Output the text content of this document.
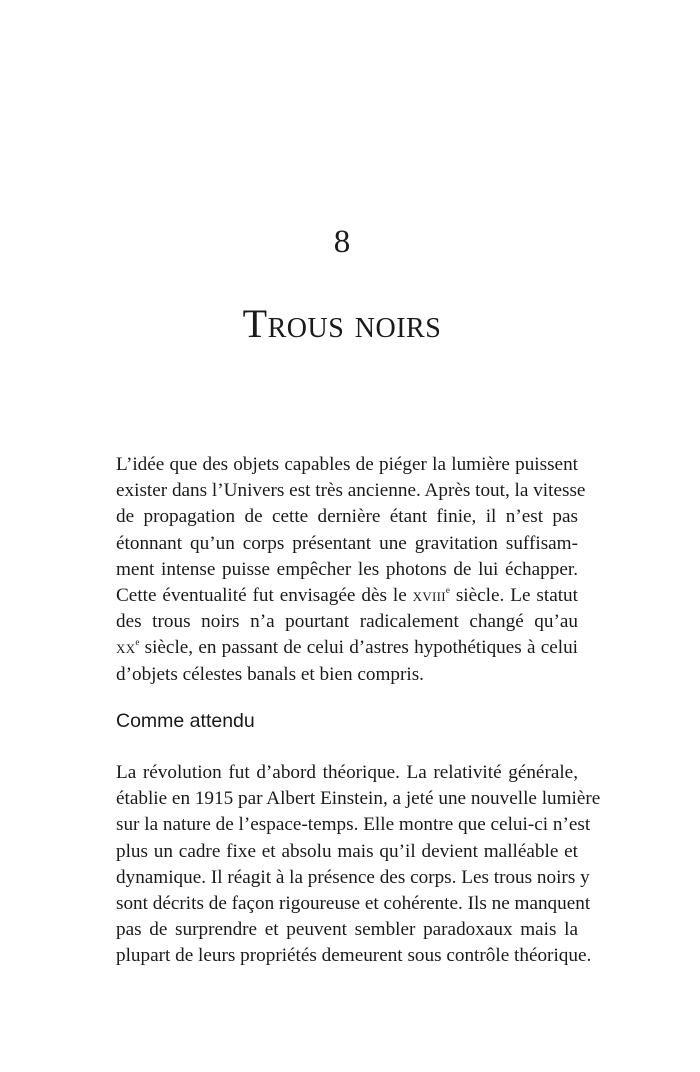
8
Trous noirs

L’idée que des objets capables de piéger la lumière puissent
exister dans l’Univers est très ancienne. Après tout, la vitesse
de propagation de cette dernière étant finie, il n’est pas
étonnant qu’un corps présentant une gravitation suffisam-
ment intense puisse empêcher les photons de lui échapper.
Cette éventualité fut envisagée dès le xviii$^e$ siècle. Le statut
des trous noirs n’a pourtant radicalement changé qu’au
$xx^e$ siècle, en passant de celui d’astres hypothétiques à celui
d’objets célestes banals et bien compris.

Comme attendu

La révolution fut d’abord théorique. La relativité générale,
établie en 1915 par Albert Einstein, a jeté une nouvelle lumière
sur la nature de l’espace-temps. Elle montre que celui-ci n’est
plus un cadre fixe et absolu mais qu’il devient malléable et
dynamique. Il réagit à la présence des corps. Les trous noirs y
sont décrits de façon rigoureuse et cohérente. Ils ne manquent
pas de surprendre et peuvent sembler paradoxaux mais la
plupart de leurs propriétés demeurent sous contrôle théorique.
